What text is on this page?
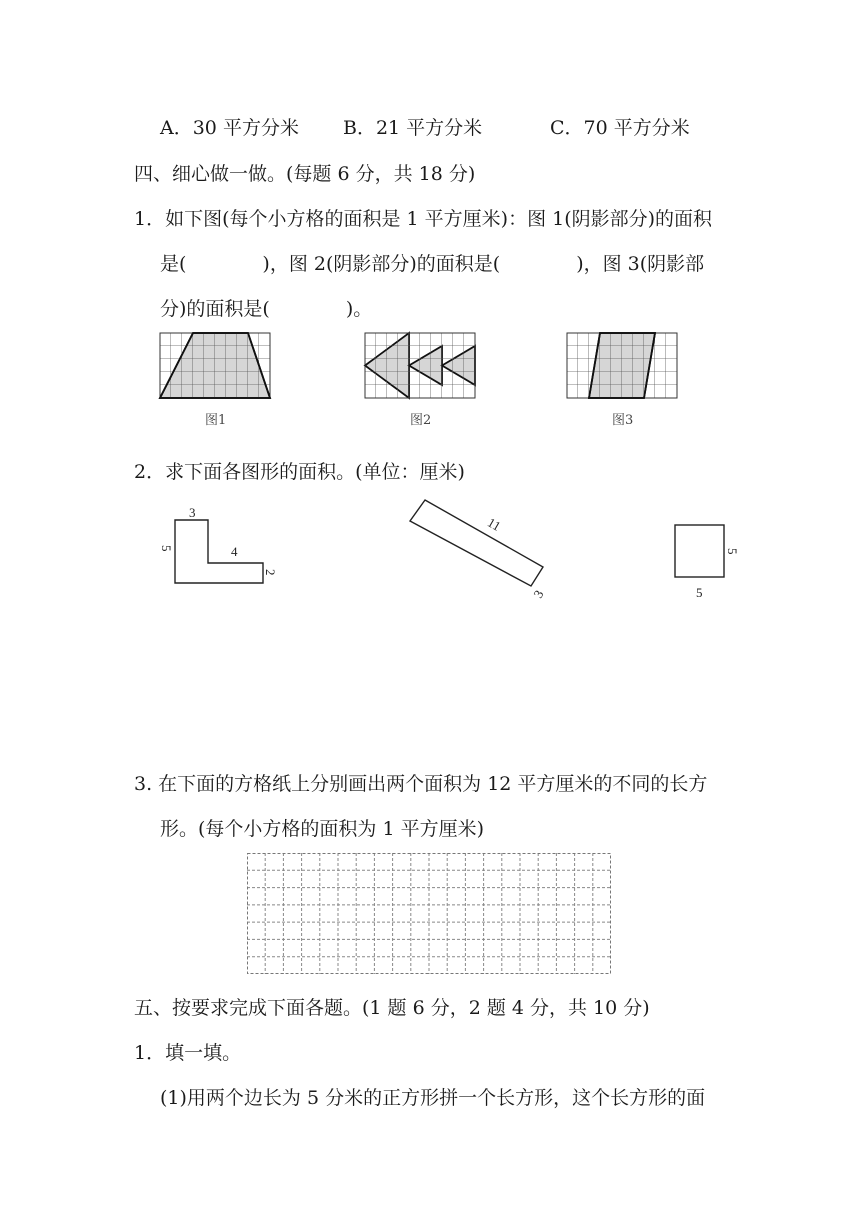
A．30 平方分米 B．21 平方分米	C．70 平方分米
四、细心做一做。(每题 6 分，共 18 分)
1．如下图(每个小方格的面积是 1 平方厘米)：图 1(阴影部分)的面积
是(　　　　)，图 2(阴影部分)的面积是(　　　　)，图 3(阴影部
分)的面积是(　　　　)。
图1	图2	图3
2．求下面各图形的面积。(单位：厘米)
3
5	4
2
11
3
5
5
3. 在下面的方格纸上分别画出两个面积为 12 平方厘米的不同的长方
形。(每个小方格的面积为 1 平方厘米)
五、按要求完成下面各题。(1 题 6 分，2 题 4 分，共 10 分)
1．填一填。
(1)用两个边长为 5 分米的正方形拼一个长方形，这个长方形的面
